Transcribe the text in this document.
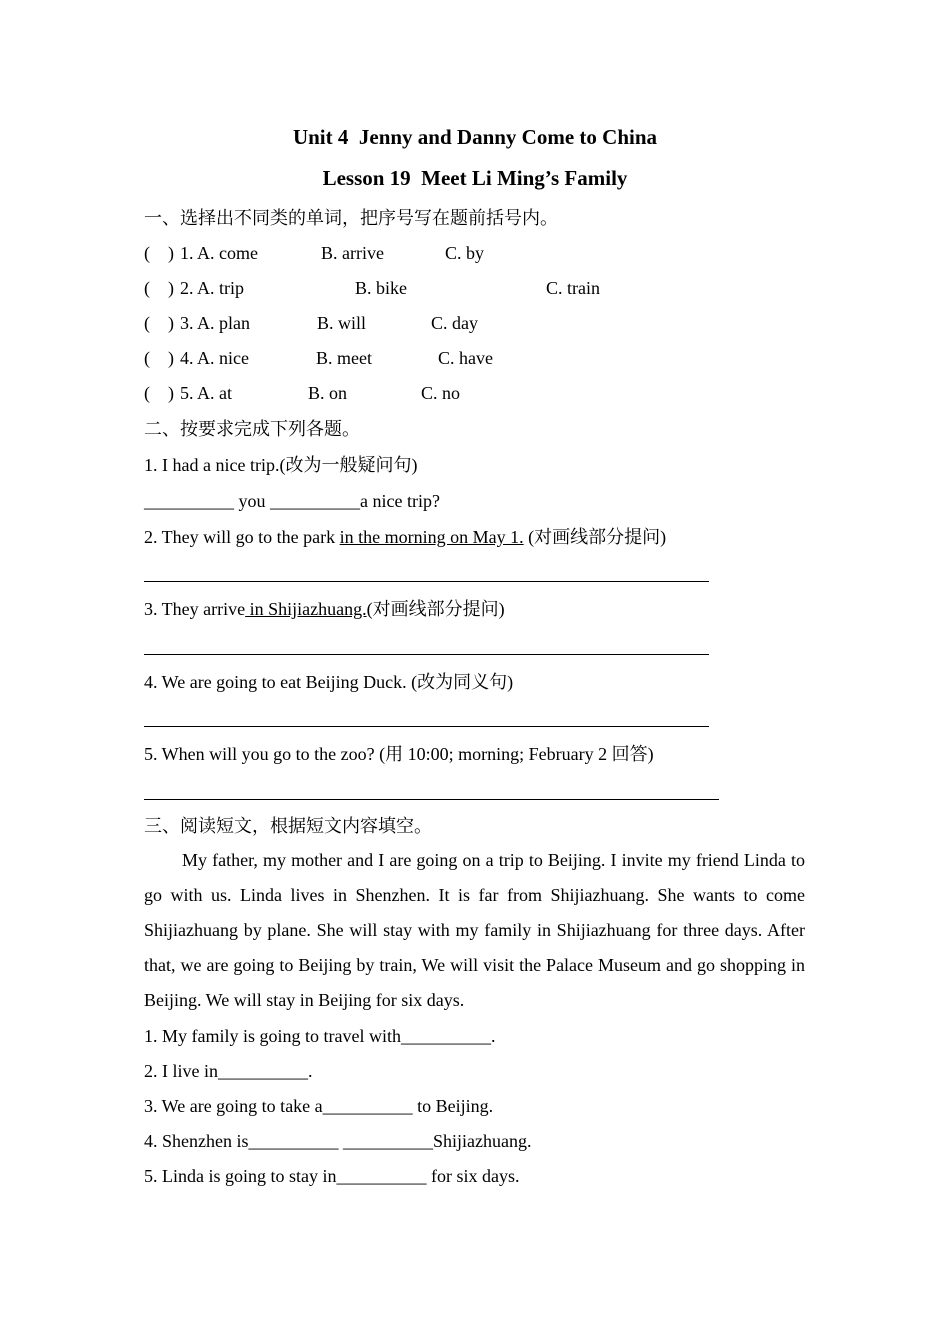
Unit 4  Jenny and Danny Come to China
Lesson 19  Meet Li Ming’s Family
一、选择出不同类的单词，把序号写在题前括号内。
(    ) 1. A. come	B. arrive	C. by
(    ) 2. A. trip	B. bike	C. train
(    ) 3. A. plan	B. will	C. day
(    ) 4. A. nice	B. meet	C. have
(    ) 5. A. at	B. on	C. no
二、按要求完成下列各题。
1. I had a nice trip.(改为一般疑问句)
__________ you __________a nice trip?
2. They will go to the park in the morning on May 1. (对画线部分提问)
3. They arrive in Shijiazhuang.(对画线部分提问)
4. We are going to eat Beijing Duck. (改为同义句)
5. When will you go to the zoo? (用 10:00; morning; February 2 回答)
三、阅读短文，根据短文内容填空。
My father, my mother and I are going on a trip to Beijing. I invite my friend Linda to go with us. Linda lives in Shenzhen. It is far from Shijiazhuang. She wants to come Shijiazhuang by plane. She will stay with my family in Shijiazhuang for three days. After that, we are going to Beijing by train, We will visit the Palace Museum and go shopping in Beijing. We will stay in Beijing for six days.
1. My family is going to travel with__________.
2. I live in__________.
3. We are going to take a__________ to Beijing.
4. Shenzhen is__________ __________Shijiazhuang.
5. Linda is going to stay in__________ for six days.
